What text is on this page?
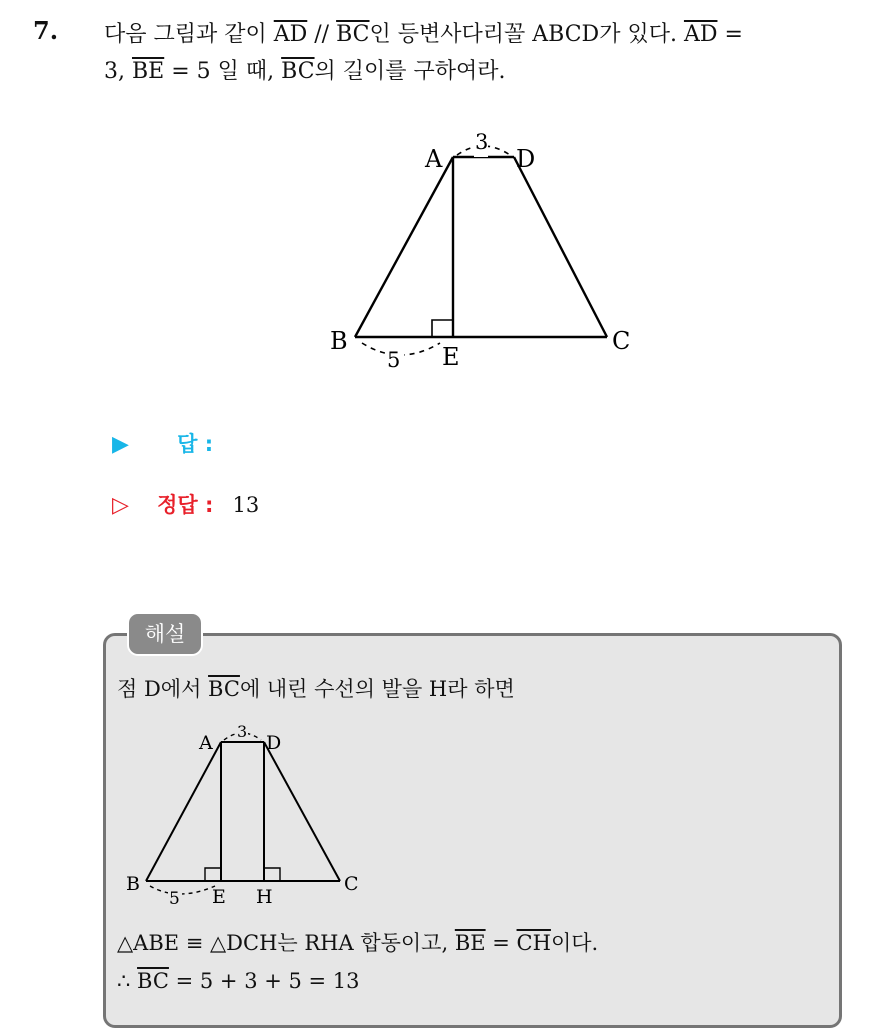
7. 다음 그림과 같이 $\overline{AD} // \overline{BC}$인 등변사다리꼴 ABCD가 있다. $\overline{AD}$ =
3, $\overline{BE} = 5$ 일 때, $\overline{BC}$의 길이를 구하여라.
A	D
B	C
E
3
5
▶ 답 :
▷ 정답 : 13
해설
점 D에서 $\overline{BC}$에 내린 수선의 발을 H라 하면
A	D
B	C
E H
3
5
△ABE ≡ △DCH는 RHA 합동이고, $\overline{BE} = \overline{CH}$이다.
∴ $\overline{BC} = 5 + 3 + 5 = 13$
